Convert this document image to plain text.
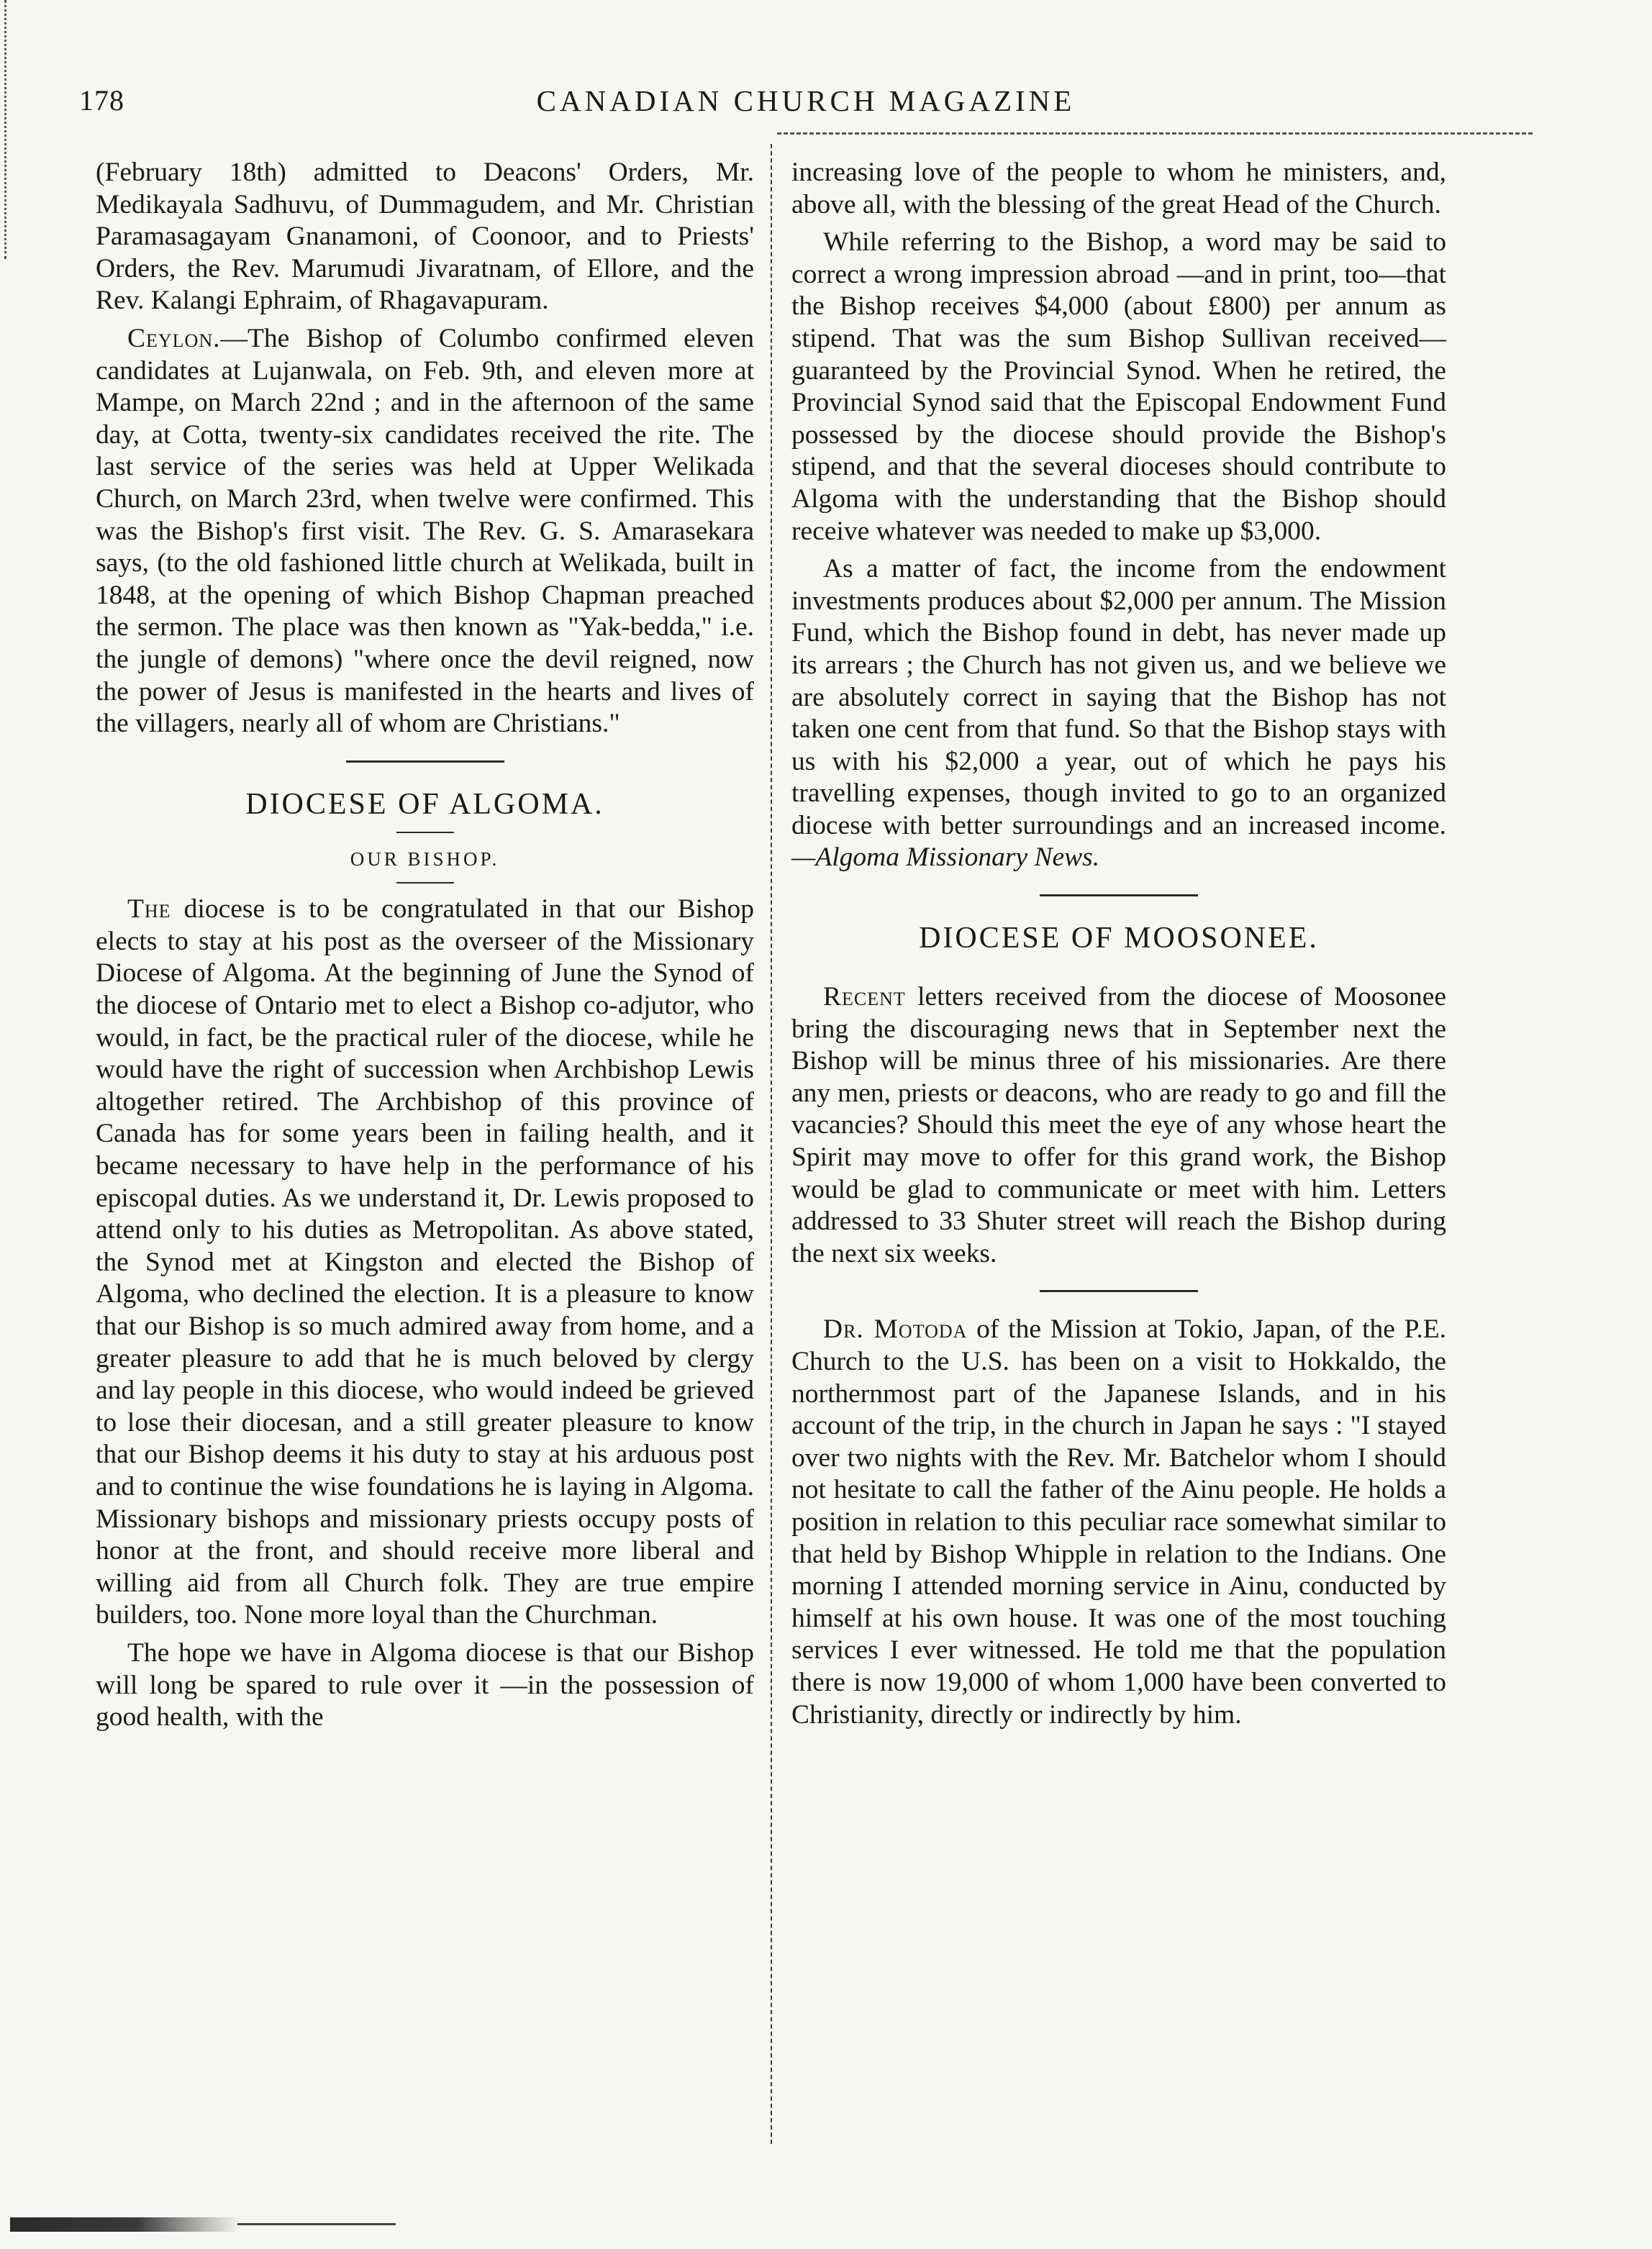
178	CANADIAN CHURCH MAGAZINE

(February 18th) admitted to Deacons' Orders, Mr. Medikayala Sadhuvu, of Dummagudem, and Mr. Christian Paramasagayam Gnanamoni, of Coonoor, and to Priests' Orders, the Rev. Marumudi Jivaratnam, of Ellore, and the Rev. Kalangi Ephraim, of Rhagavapuram.

Ceylon.—The Bishop of Columbo confirmed eleven candidates at Lujanwala, on Feb. 9th, and eleven more at Mampe, on March 22nd ; and in the afternoon of the same day, at Cotta, twenty-six candidates received the rite. The last service of the series was held at Upper Welikada Church, on March 23rd, when twelve were confirmed. This was the Bishop's first visit. The Rev. G. S. Amarasekara says, (to the old fashioned little church at Welikada, built in 1848, at the opening of which Bishop Chapman preached the sermon. The place was then known as "Yak-bedda," i.e. the jungle of demons) "where once the devil reigned, now the power of Jesus is manifested in the hearts and lives of the villagers, nearly all of whom are Christians."

DIOCESE OF ALGOMA.
OUR BISHOP.

The diocese is to be congratulated in that our Bishop elects to stay at his post as the overseer of the Missionary Diocese of Algoma. At the beginning of June the Synod of the diocese of Ontario met to elect a Bishop co-adjutor, who would, in fact, be the practical ruler of the diocese, while he would have the right of succession when Archbishop Lewis altogether retired. The Archbishop of this province of Canada has for some years been in failing health, and it became necessary to have help in the performance of his episcopal duties. As we understand it, Dr. Lewis proposed to attend only to his duties as Metropolitan. As above stated, the Synod met at Kingston and elected the Bishop of Algoma, who declined the election. It is a pleasure to know that our Bishop is so much admired away from home, and a greater pleasure to add that he is much beloved by clergy and lay people in this diocese, who would indeed be grieved to lose their diocesan, and a still greater pleasure to know that our Bishop deems it his duty to stay at his arduous post and to continue the wise foundations he is laying in Algoma. Missionary bishops and missionary priests occupy posts of honor at the front, and should receive more liberal and willing aid from all Church folk. They are true empire builders, too. None more loyal than the Churchman.

The hope we have in Algoma diocese is that our Bishop will long be spared to rule over it —in the possession of good health, with the

increasing love of the people to whom he ministers, and, above all, with the blessing of the great Head of the Church.

While referring to the Bishop, a word may be said to correct a wrong impression abroad —and in print, too—that the Bishop receives $4,000 (about £800) per annum as stipend. That was the sum Bishop Sullivan received— guaranteed by the Provincial Synod. When he retired, the Provincial Synod said that the Episcopal Endowment Fund possessed by the diocese should provide the Bishop's stipend, and that the several dioceses should contribute to Algoma with the understanding that the Bishop should receive whatever was needed to make up $3,000.

As a matter of fact, the income from the endowment investments produces about $2,000 per annum. The Mission Fund, which the Bishop found in debt, has never made up its arrears ; the Church has not given us, and we believe we are absolutely correct in saying that the Bishop has not taken one cent from that fund. So that the Bishop stays with us with his $2,000 a year, out of which he pays his travelling expenses, though invited to go to an organized diocese with better surroundings and an increased income.—Algoma Missionary News.

DIOCESE OF MOOSONEE.

Recent letters received from the diocese of Moosonee bring the discouraging news that in September next the Bishop will be minus three of his missionaries. Are there any men, priests or deacons, who are ready to go and fill the vacancies? Should this meet the eye of any whose heart the Spirit may move to offer for this grand work, the Bishop would be glad to communicate or meet with him. Letters addressed to 33 Shuter street will reach the Bishop during the next six weeks.

Dr. Motoda of the Mission at Tokio, Japan, of the P.E. Church to the U.S. has been on a visit to Hokkaldo, the northernmost part of the Japanese Islands, and in his account of the trip, in the church in Japan he says : "I stayed over two nights with the Rev. Mr. Batchelor whom I should not hesitate to call the father of the Ainu people. He holds a position in relation to this peculiar race somewhat similar to that held by Bishop Whipple in relation to the Indians. One morning I attended morning service in Ainu, conducted by himself at his own house. It was one of the most touching services I ever witnessed. He told me that the population there is now 19,000 of whom 1,000 have been converted to Christianity, directly or indirectly by him.
